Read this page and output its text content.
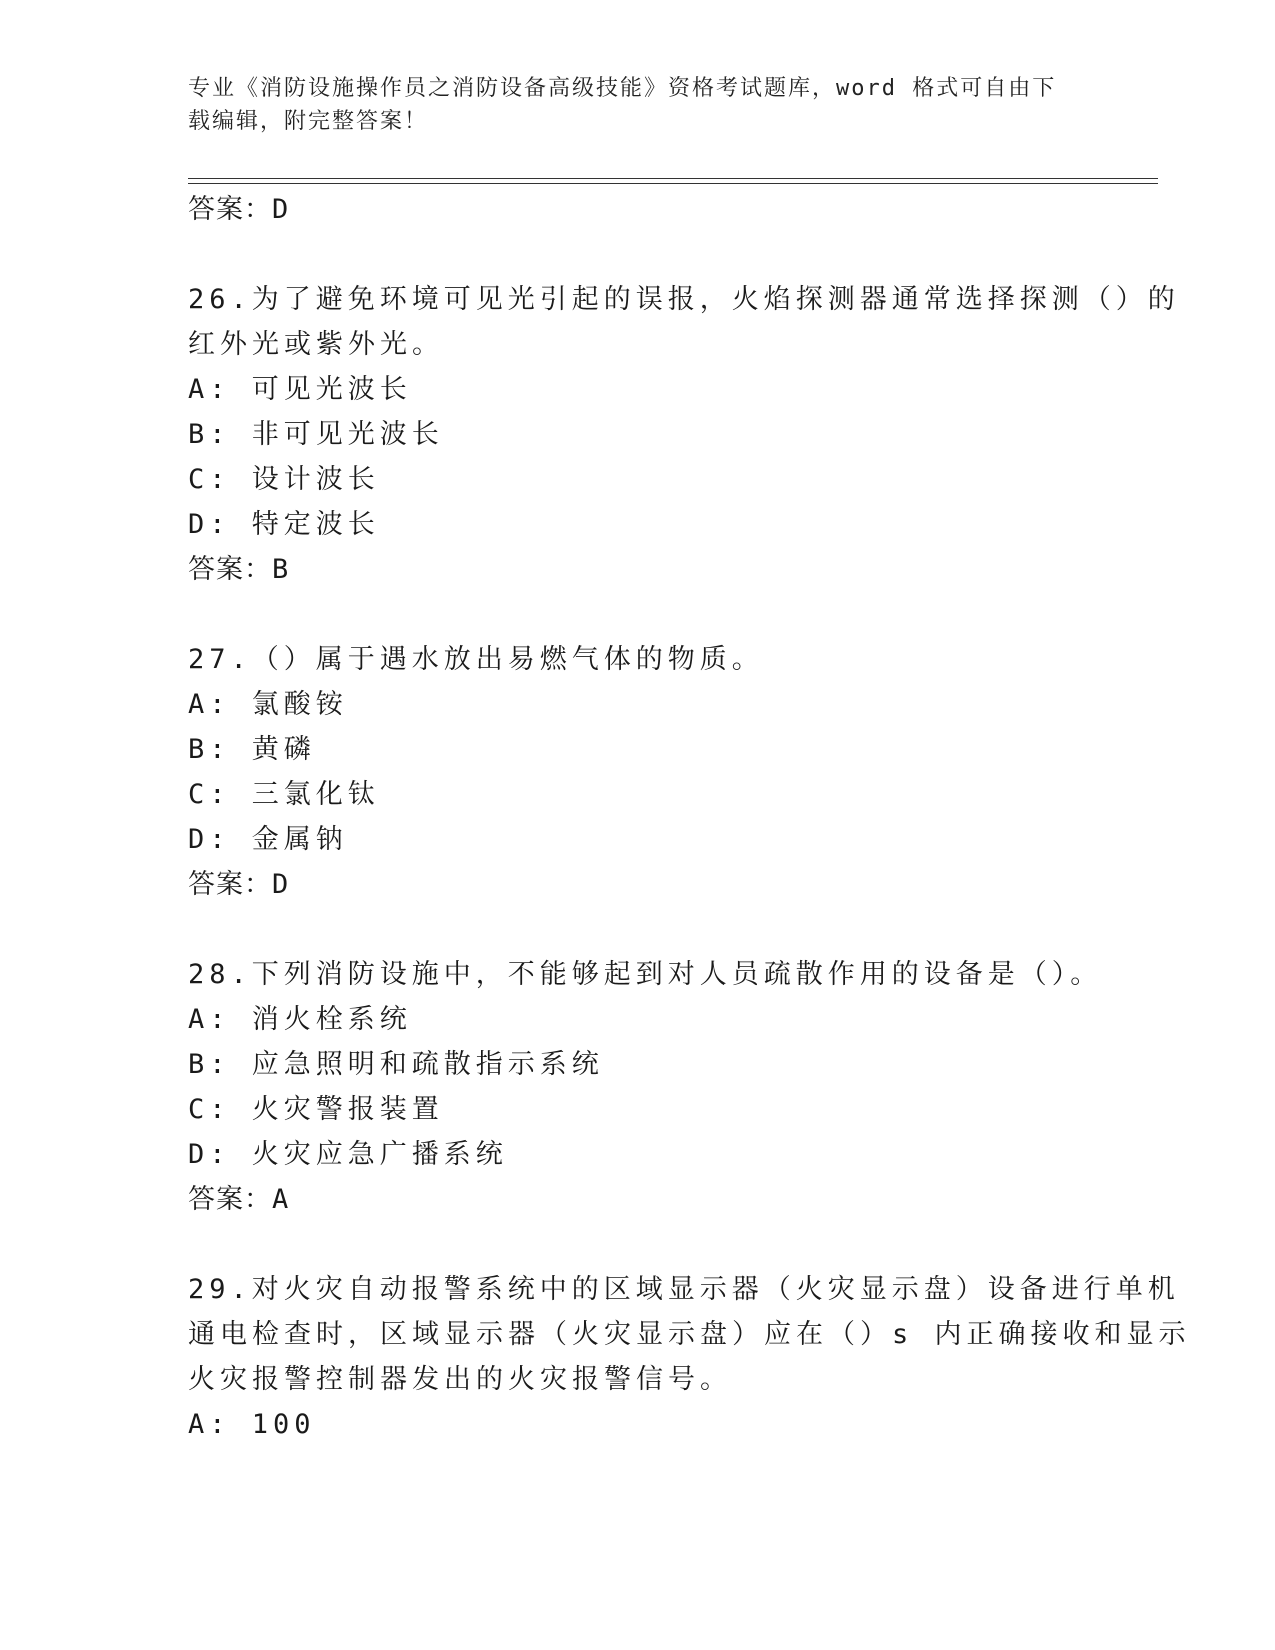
专业《消防设施操作员之消防设备高级技能》资格考试题库，word 格式可自由下
载编辑，附完整答案！
答案：D
26.为了避免环境可见光引起的误报，火焰探测器通常选择探测（）的
红外光或紫外光。
A: 可见光波长
B: 非可见光波长
C: 设计波长
D: 特定波长
答案：B
27.（）属于遇水放出易燃气体的物质。
A: 氯酸铵
B: 黄磷
C: 三氯化钛
D: 金属钠
答案：D
28.下列消防设施中，不能够起到对人员疏散作用的设备是（）。
A: 消火栓系统
B: 应急照明和疏散指示系统
C: 火灾警报装置
D: 火灾应急广播系统
答案：A
29.对火灾自动报警系统中的区域显示器（火灾显示盘）设备进行单机
通电检查时，区域显示器（火灾显示盘）应在（）s 内正确接收和显示
火灾报警控制器发出的火灾报警信号。
A: 100
